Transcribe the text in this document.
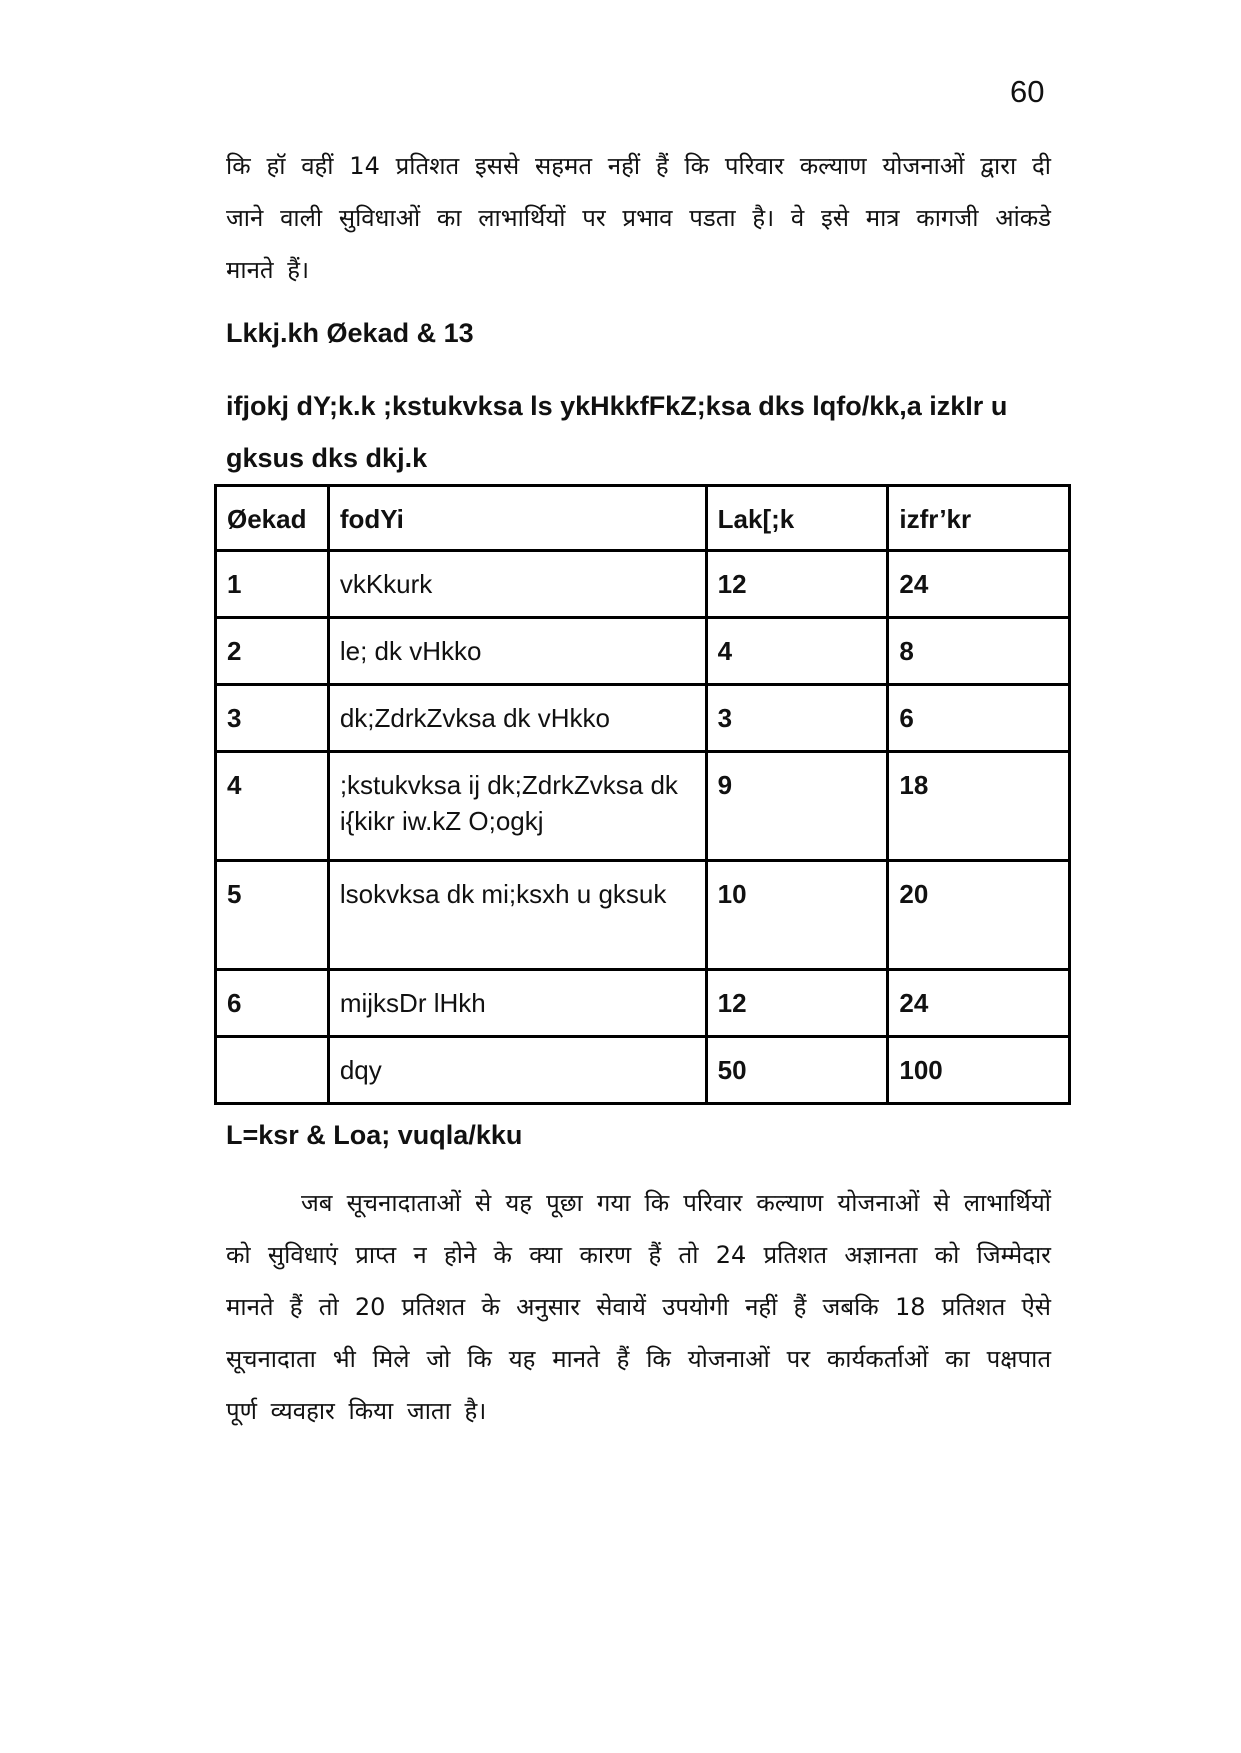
60

कि हॉ वहीं 14 प्रतिशत इससे सहमत नहीं हैं कि परिवार कल्याण योजनाओं द्वारा दी जाने वाली सुविधाओं का लाभार्थियों पर प्रभाव पडता है। वे इसे मात्र कागजी आंकडे मानते हैं।

Lkkj.kh Øekad & 13
ifjokj dY;k.k ;kstukvksa ls ykHkkfFkZ;ksa dks lqfo/kk,a izkIr u gksus dks dkj.k
Øekad	fodYi	Lak[;k	izfr’kr
1	vkKkurk	12	24
2	le; dk vHkko	4	8
3	dk;ZdrkZvksa dk vHkko	3	6
4	;kstukvksa ij dk;ZdrkZvksa dk i{kikr iw.kZ O;ogkj	9	18
5	lsokvksa dk mi;ksxh u gksuk	10	20
6	mijksDr lHkh	12	24
	dqy	50	100
L=ksr & Loa; vuqla/kku

जब सूचनादाताओं से यह पूछा गया कि परिवार कल्याण योजनाओं से लाभार्थियों को सुविधाएं प्राप्त न होने के क्या कारण हैं तो 24 प्रतिशत अज्ञानता को जिम्मेदार मानते हैं तो 20 प्रतिशत के अनुसार सेवायें उपयोगी नहीं हैं जबकि 18 प्रतिशत ऐसे सूचनादाता भी मिले जो कि यह मानते हैं कि योजनाओं पर कार्यकर्ताओं का पक्षपात पूर्ण व्यवहार किया जाता है।
